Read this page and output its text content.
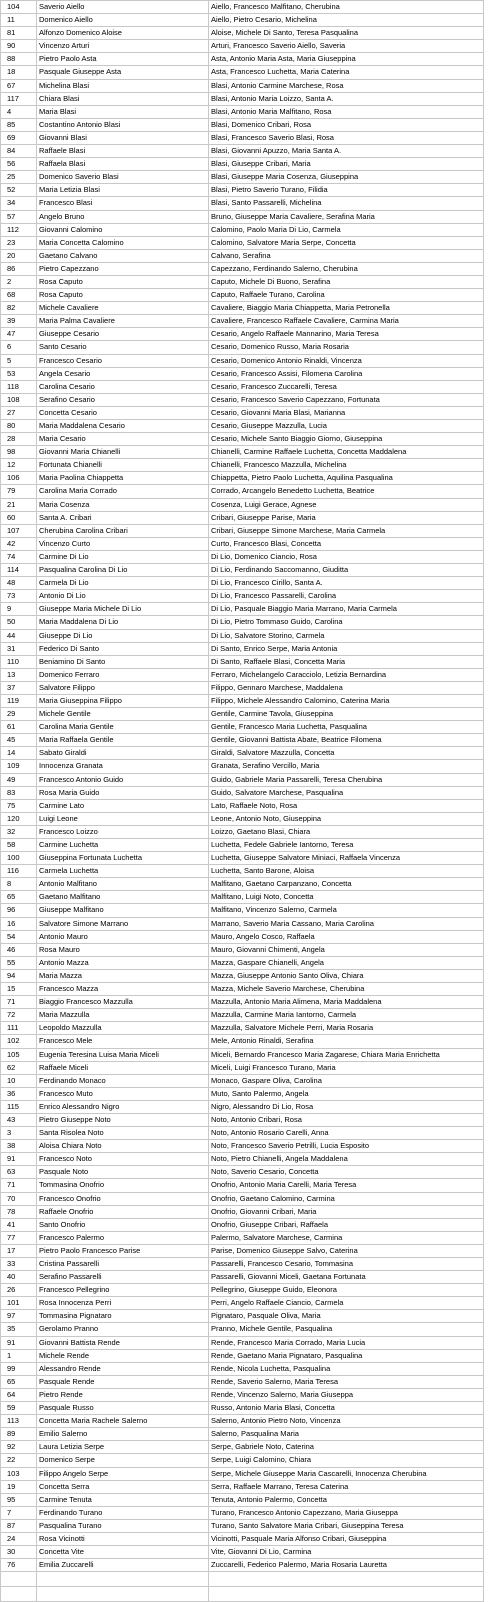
104	Saverio Aiello	Aiello, Francesco Malfitano, Cherubina
11	Domenico Aiello	Aiello, Pietro Cesario, Michelina
81	Alfonzo Domenico Aloise	Aloise, Michele Di Santo, Teresa Pasqualina
90	Vincenzo Arturi	Arturi, Francesco Saverio Aiello, Saveria
88	Pietro Paolo Asta	Asta, Antonio Maria Asta, Maria Giuseppina
18	Pasquale Giuseppe Asta	Asta, Francesco Luchetta, Maria Caterina
67	Michelina Blasi	Blasi, Antonio Carmine Marchese, Rosa
117	Chiara Blasi	Blasi, Antonio Maria Loizzo, Santa A.
4	Maria Blasi	Blasi, Antonio Maria Malfitano, Rosa
85	Costantino Antonio Blasi	Blasi, Domenico Cribari, Rosa
69	Giovanni Blasi	Blasi, Francesco Saverio Blasi, Rosa
84	Raffaele Blasi	Blasi, Giovanni Apuzzo, Maria Santa A.
56	Raffaela Blasi	Blasi, Giuseppe Cribari, Maria
25	Domenico Saverio Blasi	Blasi, Giuseppe Maria Cosenza, Giuseppina
52	Maria Letizia Blasi	Blasi, Pietro Saverio Turano, Filidia
34	Francesco Blasi	Blasi, Santo Passarelli, Michelina
57	Angelo Bruno	Bruno, Giuseppe Maria Cavaliere, Serafina Maria
112	Giovanni Calomino	Calomino, Paolo Maria Di Lio, Carmela
23	Maria Concetta Calomino	Calomino, Salvatore Maria Serpe, Concetta
20	Gaetano Calvano	Calvano, Serafina
86	Pietro Capezzano	Capezzano, Ferdinando Salerno, Cherubina
2	Rosa Caputo	Caputo, Michele Di Buono, Serafina
68	Rosa Caputo	Caputo, Raffaele Turano, Carolina
82	Michele Cavaliere	Cavaliere, Biaggio Maria Chiappetta, Maria Petronella
39	Maria Palma Cavaliere	Cavaliere, Francesco Raffaele Cavaliere, Carmina Maria
47	Giuseppe Cesario	Cesario, Angelo Raffaele Mannarino, Maria Teresa
6	Santo Cesario	Cesario, Domenico Russo, Maria Rosaria
5	Francesco Cesario	Cesario, Domenico Antonio Rinaldi, Vincenza
53	Angela Cesario	Cesario, Francesco Assisi, Filomena Carolina
118	Carolina Cesario	Cesario, Francesco Zuccarelli, Teresa
108	Serafino Cesario	Cesario, Francesco Saverio Capezzano, Fortunata
27	Concetta Cesario	Cesario, Giovanni Maria Blasi, Marianna
80	Maria Maddalena Cesario	Cesario, Giuseppe Mazzulla, Lucia
28	Maria Cesario	Cesario, Michele Santo Biaggio Giorno, Giuseppina
98	Giovanni Maria Chianelli	Chianelli, Carmine Raffaele Luchetta, Concetta Maddalena
12	Fortunata Chianelli	Chianelli, Francesco Mazzulla, Michelina
106	Maria Paolina Chiappetta	Chiappetta, Pietro Paolo Luchetta, Aquilina Pasqualina
79	Carolina Maria Corrado	Corrado, Arcangelo Benedetto Luchetta, Beatrice
21	Maria Cosenza	Cosenza, Luigi Gerace, Agnese
60	Santa A. Cribari	Cribari, Giuseppe Parise, Maria
107	Cherubina Carolina Cribari	Cribari, Giuseppe Simone Marchese, Maria Carmela
42	Vincenzo Curto	Curto, Francesco Blasi, Concetta
74	Carmine Di Lio	Di Lio, Domenico Ciancio, Rosa
114	Pasqualina Carolina Di Lio	Di Lio, Ferdinando Saccomanno, Giuditta
48	Carmela Di Lio	Di Lio, Francesco Cirillo, Santa A.
73	Antonio Di Lio	Di Lio, Francesco Passarelli, Carolina
9	Giuseppe Maria Michele Di Lio	Di Lio, Pasquale Biaggio Maria Marrano, Maria Carmela
50	Maria Maddalena Di Lio	Di Lio, Pietro Tommaso Guido, Carolina
44	Giuseppe Di Lio	Di Lio, Salvatore Storino, Carmela
31	Federico Di Santo	Di Santo, Enrico Serpe, Maria Antonia
110	Beniamino Di Santo	Di Santo, Raffaele Blasi, Concetta Maria
13	Domenico Ferraro	Ferraro, Michelangelo Caracciolo, Letizia Bernardina
37	Salvatore Filippo	Filippo, Gennaro Marchese, Maddalena
119	Maria Giuseppina Filippo	Filippo, Michele Alessandro Calomino, Caterina Maria
29	Michele Gentile	Gentile, Carmine Tavola, Giuseppina
61	Carolina Maria Gentile	Gentile, Francesco Maria Luchetta, Pasqualina
45	Maria Raffaela Gentile	Gentile, Giovanni Battista Abate, Beatrice Filomena
14	Sabato Giraldi	Giraldi, Salvatore Mazzulla, Concetta
109	Innocenza Granata	Granata, Serafino Vercillo, Maria
49	Francesco Antonio Guido	Guido, Gabriele Maria Passarelli, Teresa Cherubina
83	Rosa Maria Guido	Guido, Salvatore Marchese, Pasqualina
75	Carmine Lato	Lato, Raffaele Noto, Rosa
120	Luigi Leone	Leone, Antonio Noto, Giuseppina
32	Francesco Loizzo	Loizzo, Gaetano Blasi, Chiara
58	Carmine Luchetta	Luchetta, Fedele Gabriele Iantorno, Teresa
100	Giuseppina Fortunata Luchetta	Luchetta, Giuseppe Salvatore Miniaci, Raffaela Vincenza
116	Carmela Luchetta	Luchetta, Santo Barone, Aloisa
8	Antonio Malfitano	Malfitano, Gaetano Carpanzano, Concetta
65	Gaetano Malfitano	Malfitano, Luigi Noto, Concetta
96	Giuseppe Malfitano	Malfitano, Vincenzo Salerno, Carmela
16	Salvatore Simone Marrano	Marrano, Saverio Maria Cassano, Maria Carolina
54	Antonio Mauro	Mauro, Angelo Cosco, Raffaela
46	Rosa Mauro	Mauro, Giovanni Chimenti, Angela
55	Antonio Mazza	Mazza, Gaspare Chianelli, Angela
94	Maria Mazza	Mazza, Giuseppe Antonio Santo Oliva, Chiara
15	Francesco Mazza	Mazza, Michele Saverio Marchese, Cherubina
71	Biaggio Francesco Mazzulla	Mazzulla, Antonio Maria Alimena, Maria Maddalena
72	Maria Mazzulla	Mazzulla, Carmine Maria Iantorno, Carmela
111	Leopoldo Mazzulla	Mazzulla, Salvatore Michele Perri, Maria Rosaria
102	Francesco Mele	Mele, Antonio Rinaldi, Serafina
105	Eugenia Teresina Luisa Maria Miceli	Miceli, Bernardo Francesco Maria Zagarese, Chiara Maria Enrichetta
62	Raffaele Miceli	Miceli, Luigi Francesco Turano, Maria
10	Ferdinando Monaco	Monaco, Gaspare Oliva, Carolina
36	Francesco Muto	Muto, Santo Palermo, Angela
115	Enrico Alessandro Nigro	Nigro, Alessandro Di Lio, Rosa
43	Pietro Giuseppe Noto	Noto, Antonio Cribari, Rosa
3	Santa Risolea Noto	Noto, Antonio Rosario Carelli, Anna
38	Aloisa Chiara Noto	Noto, Francesco Saverio Petrilli, Lucia Esposito
91	Francesco Noto	Noto, Pietro Chianelli, Angela Maddalena
63	Pasquale Noto	Noto, Saverio Cesario, Concetta
71	Tommasina Onofrio	Onofrio, Antonio Maria Carelli, Maria Teresa
70	Francesco Onofrio	Onofrio, Gaetano Calomino, Carmina
78	Raffaele Onofrio	Onofrio, Giovanni Cribari, Maria
41	Santo Onofrio	Onofrio, Giuseppe Cribari, Raffaela
77	Francesco Palermo	Palermo, Salvatore Marchese, Carmina
17	Pietro Paolo Francesco Parise	Parise, Domenico Giuseppe Salvo, Caterina
33	Cristina Passarelli	Passarelli, Francesco Cesario, Tommasina
40	Serafino Passarelli	Passarelli, Giovanni Miceli, Gaetana Fortunata
26	Francesco Pellegrino	Pellegrino, Giuseppe Guido, Eleonora
101	Rosa Innocenza Perri	Perri, Angelo Raffaele Ciancio, Carmela
97	Tommasina Pignataro	Pignataro, Pasquale Oliva, Maria
35	Gerolamo Pranno	Pranno, Michele Gentile, Pasqualina
91	Giovanni Battista Rende	Rende, Francesco Maria Corrado, Maria Lucia
1	Michele Rende	Rende, Gaetano Maria Pignataro, Pasqualina
99	Alessandro Rende	Rende, Nicola Luchetta, Pasqualina
65	Pasquale Rende	Rende, Saverio Salerno, Maria Teresa
64	Pietro Rende	Rende, Vincenzo Salerno, Maria Giuseppa
59	Pasquale Russo	Russo, Antonio Maria Blasi, Concetta
113	Concetta Maria Rachele Salerno	Salerno, Antonio Pietro Noto, Vincenza
89	Emilio Salerno	Salerno, Pasqualina Maria
92	Laura Letizia Serpe	Serpe, Gabriele Noto, Caterina
22	Domenico Serpe	Serpe, Luigi Calomino, Chiara
103	Filippo Angelo Serpe	Serpe, Michele Giuseppe Maria Cascarelli, Innocenza Cherubina
19	Concetta Serra	Serra, Raffaele Marrano, Teresa Caterina
95	Carmine Tenuta	Tenuta, Antonio Palermo, Concetta
7	Ferdinando Turano	Turano, Francesco Antonio Capezzano, Maria Giuseppa
87	Pasqualina Turano	Turano, Santo Salvatore Maria Cribari, Giuseppina Teresa
24	Rosa Vicinotti	Vicinotti, Pasquale Maria Alfonso Cribari, Giuseppina
30	Concetta Vite	Vite, Giovanni Di Lio, Carmina
76	Emilia Zuccarelli	Zuccarelli, Federico Palermo, Maria Rosaria Lauretta
